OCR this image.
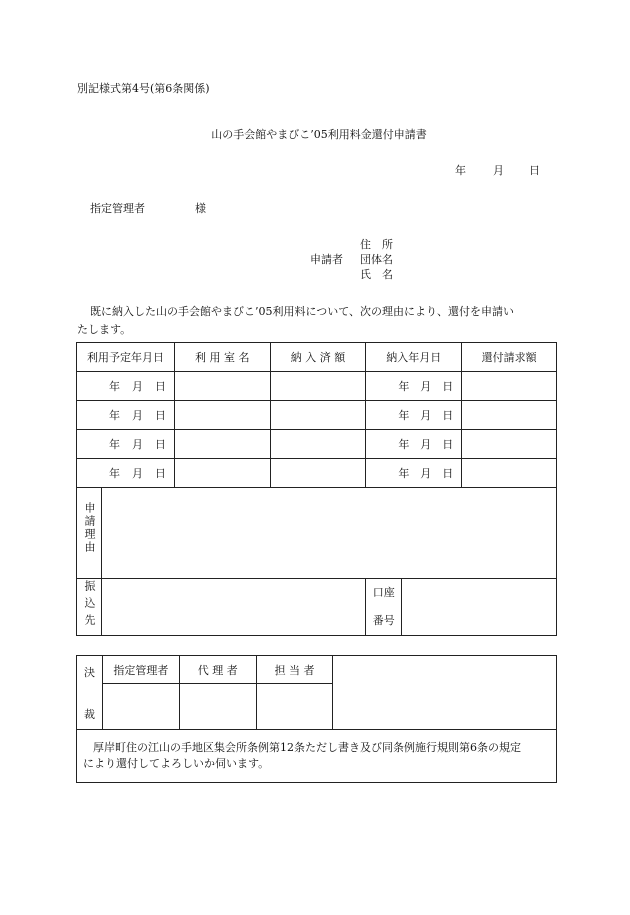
別記様式第4号(第6条関係)
山の手会館やまびこ’05利用料金還付申請書
年 月 日
指定管理者	様
住　所
申請者 団体名
氏　名
既に納入した山の手会館やまびこ’05利用料について、次の理由により、還付を申請い
たします。
利用予定年月日		利 用 室 名	納 入 済 額	納入年月日		還付請求額

年 月 日				年 月 日		

年 月 日				年 月 日		

年 月 日				年 月 日		

年 月 日				年 月 日		

申請理由						
振込先				口座
番号		

決
裁	指定管理者	代 理 者	担 当 者	

厚岸町住の江山の手地区集会所条例第12条ただし書き及び同条例施行規則第6条の規定
により還付してよろしいか伺います。				
